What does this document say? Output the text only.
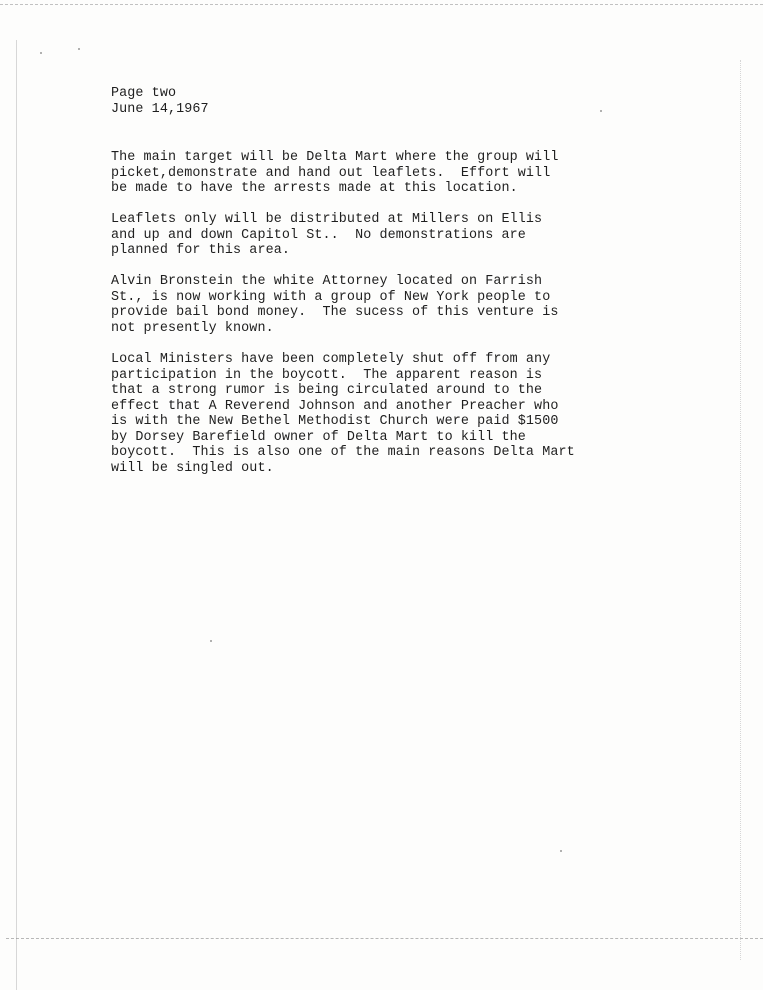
Page two
June 14,1967
The main target will be Delta Mart where the group will
picket,demonstrate and hand out leaflets.  Effort will
be made to have the arrests made at this location.
Leaflets only will be distributed at Millers on Ellis
and up and down Capitol St..  No demonstrations are
planned for this area.
Alvin Bronstein the white Attorney located on Farrish
St., is now working with a group of New York people to
provide bail bond money.  The sucess of this venture is
not presently known.
Local Ministers have been completely shut off from any
participation in the boycott.  The apparent reason is
that a strong rumor is being circulated around to the
effect that A Reverend Johnson and another Preacher who
is with the New Bethel Methodist Church were paid $1500
by Dorsey Barefield owner of Delta Mart to kill the
boycott.  This is also one of the main reasons Delta Mart
will be singled out.
